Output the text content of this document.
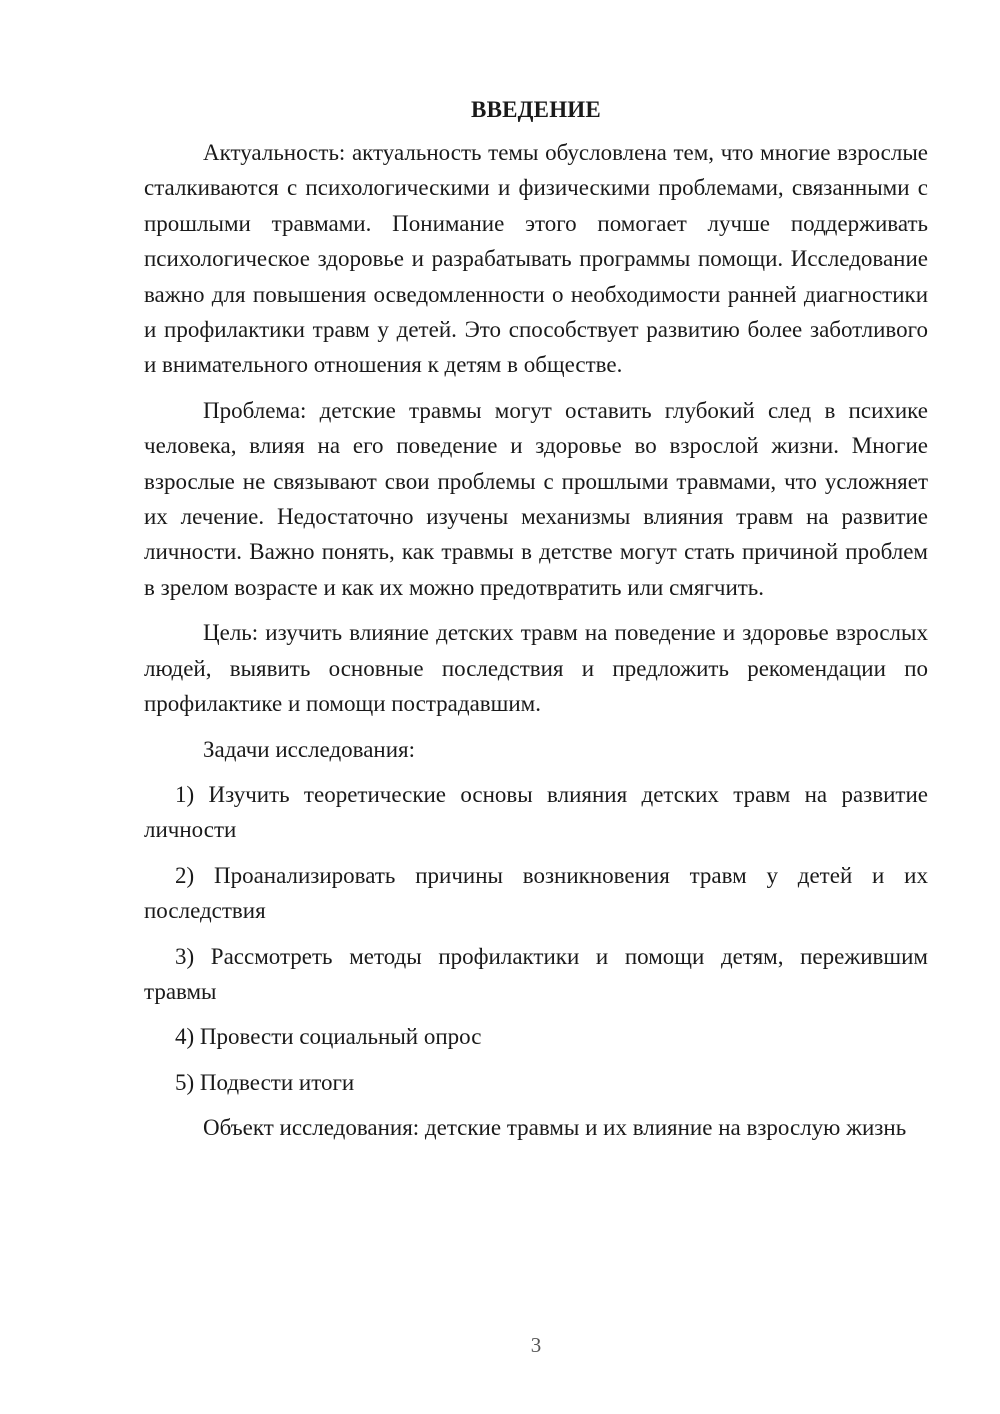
ВВЕДЕНИЕ

Актуальность: актуальность темы обусловлена тем, что многие взрослые сталкиваются с психологическими и физическими проблемами, связанными с прошлыми травмами. Понимание этого помогает лучше поддерживать психологическое здоровье и разрабатывать программы помощи. Исследование важно для повышения осведомленности о необходимости ранней диагностики и профилактики травм у детей. Это способствует развитию более заботливого и внимательного отношения к детям в обществе.

Проблема: детские травмы могут оставить глубокий след в психике человека, влияя на его поведение и здоровье во взрослой жизни. Многие взрослые не связывают свои проблемы с прошлыми травмами, что усложняет их лечение. Недостаточно изучены механизмы влияния травм на развитие личности. Важно понять, как травмы в детстве могут стать причиной проблем в зрелом возрасте и как их можно предотвратить или смягчить.

Цель: изучить влияние детских травм на поведение и здоровье взрослых людей, выявить основные последствия и предложить рекомендации по профилактике и помощи пострадавшим.

Задачи исследования:

1) Изучить теоретические основы влияния детских травм на развитие личности

2) Проанализировать причины возникновения травм у детей и их последствия

3) Рассмотреть методы профилактики и помощи детям, пережившим травмы

4) Провести социальный опрос

5) Подвести итоги

Объект исследования: детские травмы и их влияние на взрослую жизнь

3
